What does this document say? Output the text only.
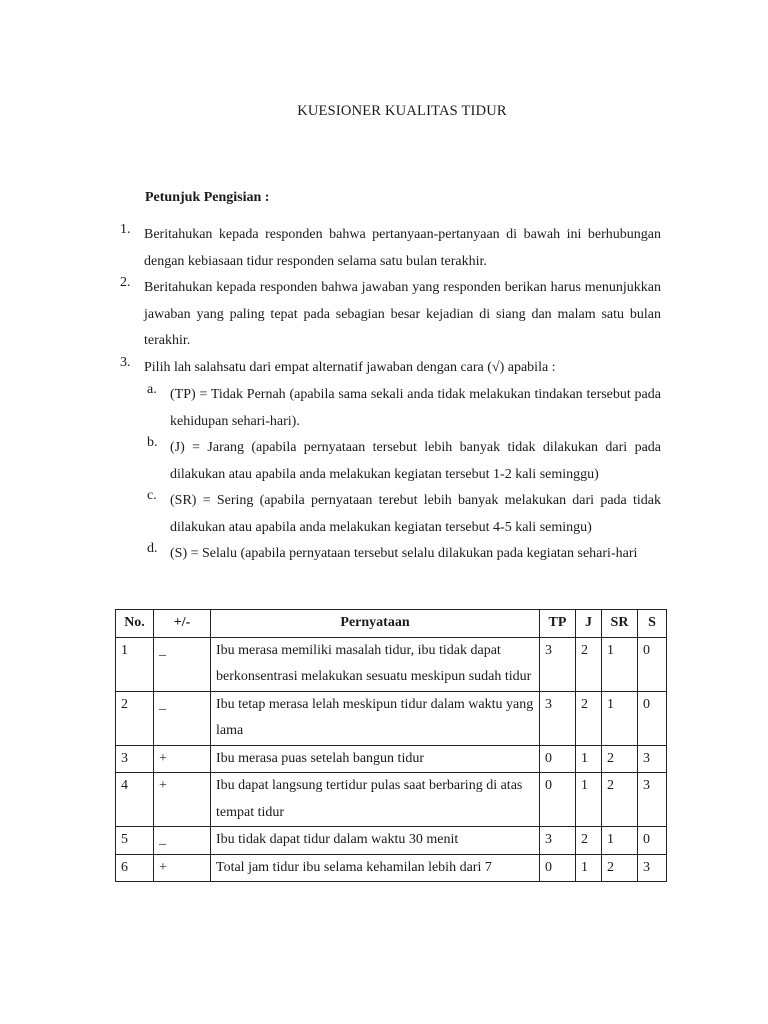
KUESIONER KUALITAS TIDUR
Petunjuk Pengisian :
1. Beritahukan kepada responden bahwa pertanyaan-pertanyaan di bawah ini berhubungan dengan kebiasaan tidur responden selama satu bulan terakhir.
2. Beritahukan kepada responden bahwa jawaban yang responden berikan harus menunjukkan jawaban yang paling tepat pada sebagian besar kejadian di siang dan malam satu bulan terakhir.
3. Pilih lah salahsatu dari empat alternatif jawaban dengan cara (√) apabila :
a. (TP) = Tidak Pernah (apabila sama sekali anda tidak melakukan tindakan tersebut pada kehidupan sehari-hari).
b. (J) = Jarang (apabila pernyataan tersebut lebih banyak tidak dilakukan dari pada dilakukan atau apabila anda melakukan kegiatan tersebut 1-2 kali seminggu)
c. (SR) = Sering (apabila pernyataan terebut lebih banyak melakukan dari pada tidak dilakukan atau apabila anda melakukan kegiatan tersebut 4-5 kali semingu)
d. (S) = Selalu (apabila pernyataan tersebut selalu dilakukan pada kegiatan sehari-hari
No.	+/-	Pernyataan	TP	J	SR	S
1	_	Ibu merasa memiliki masalah tidur, ibu tidak dapat berkonsentrasi melakukan sesuatu meskipun sudah tidur	3	2	1	0
2	_	Ibu tetap merasa lelah meskipun tidur dalam waktu yang lama	3	2	1	0
3	+	Ibu merasa puas setelah bangun tidur	0	1	2	3
4	+	Ibu dapat langsung tertidur pulas saat berbaring di atas tempat tidur	0	1	2	3
5	_	Ibu tidak dapat tidur dalam waktu 30 menit	3	2	1	0
6	+	Total jam tidur ibu selama kehamilan lebih dari 7	0	1	2	3
